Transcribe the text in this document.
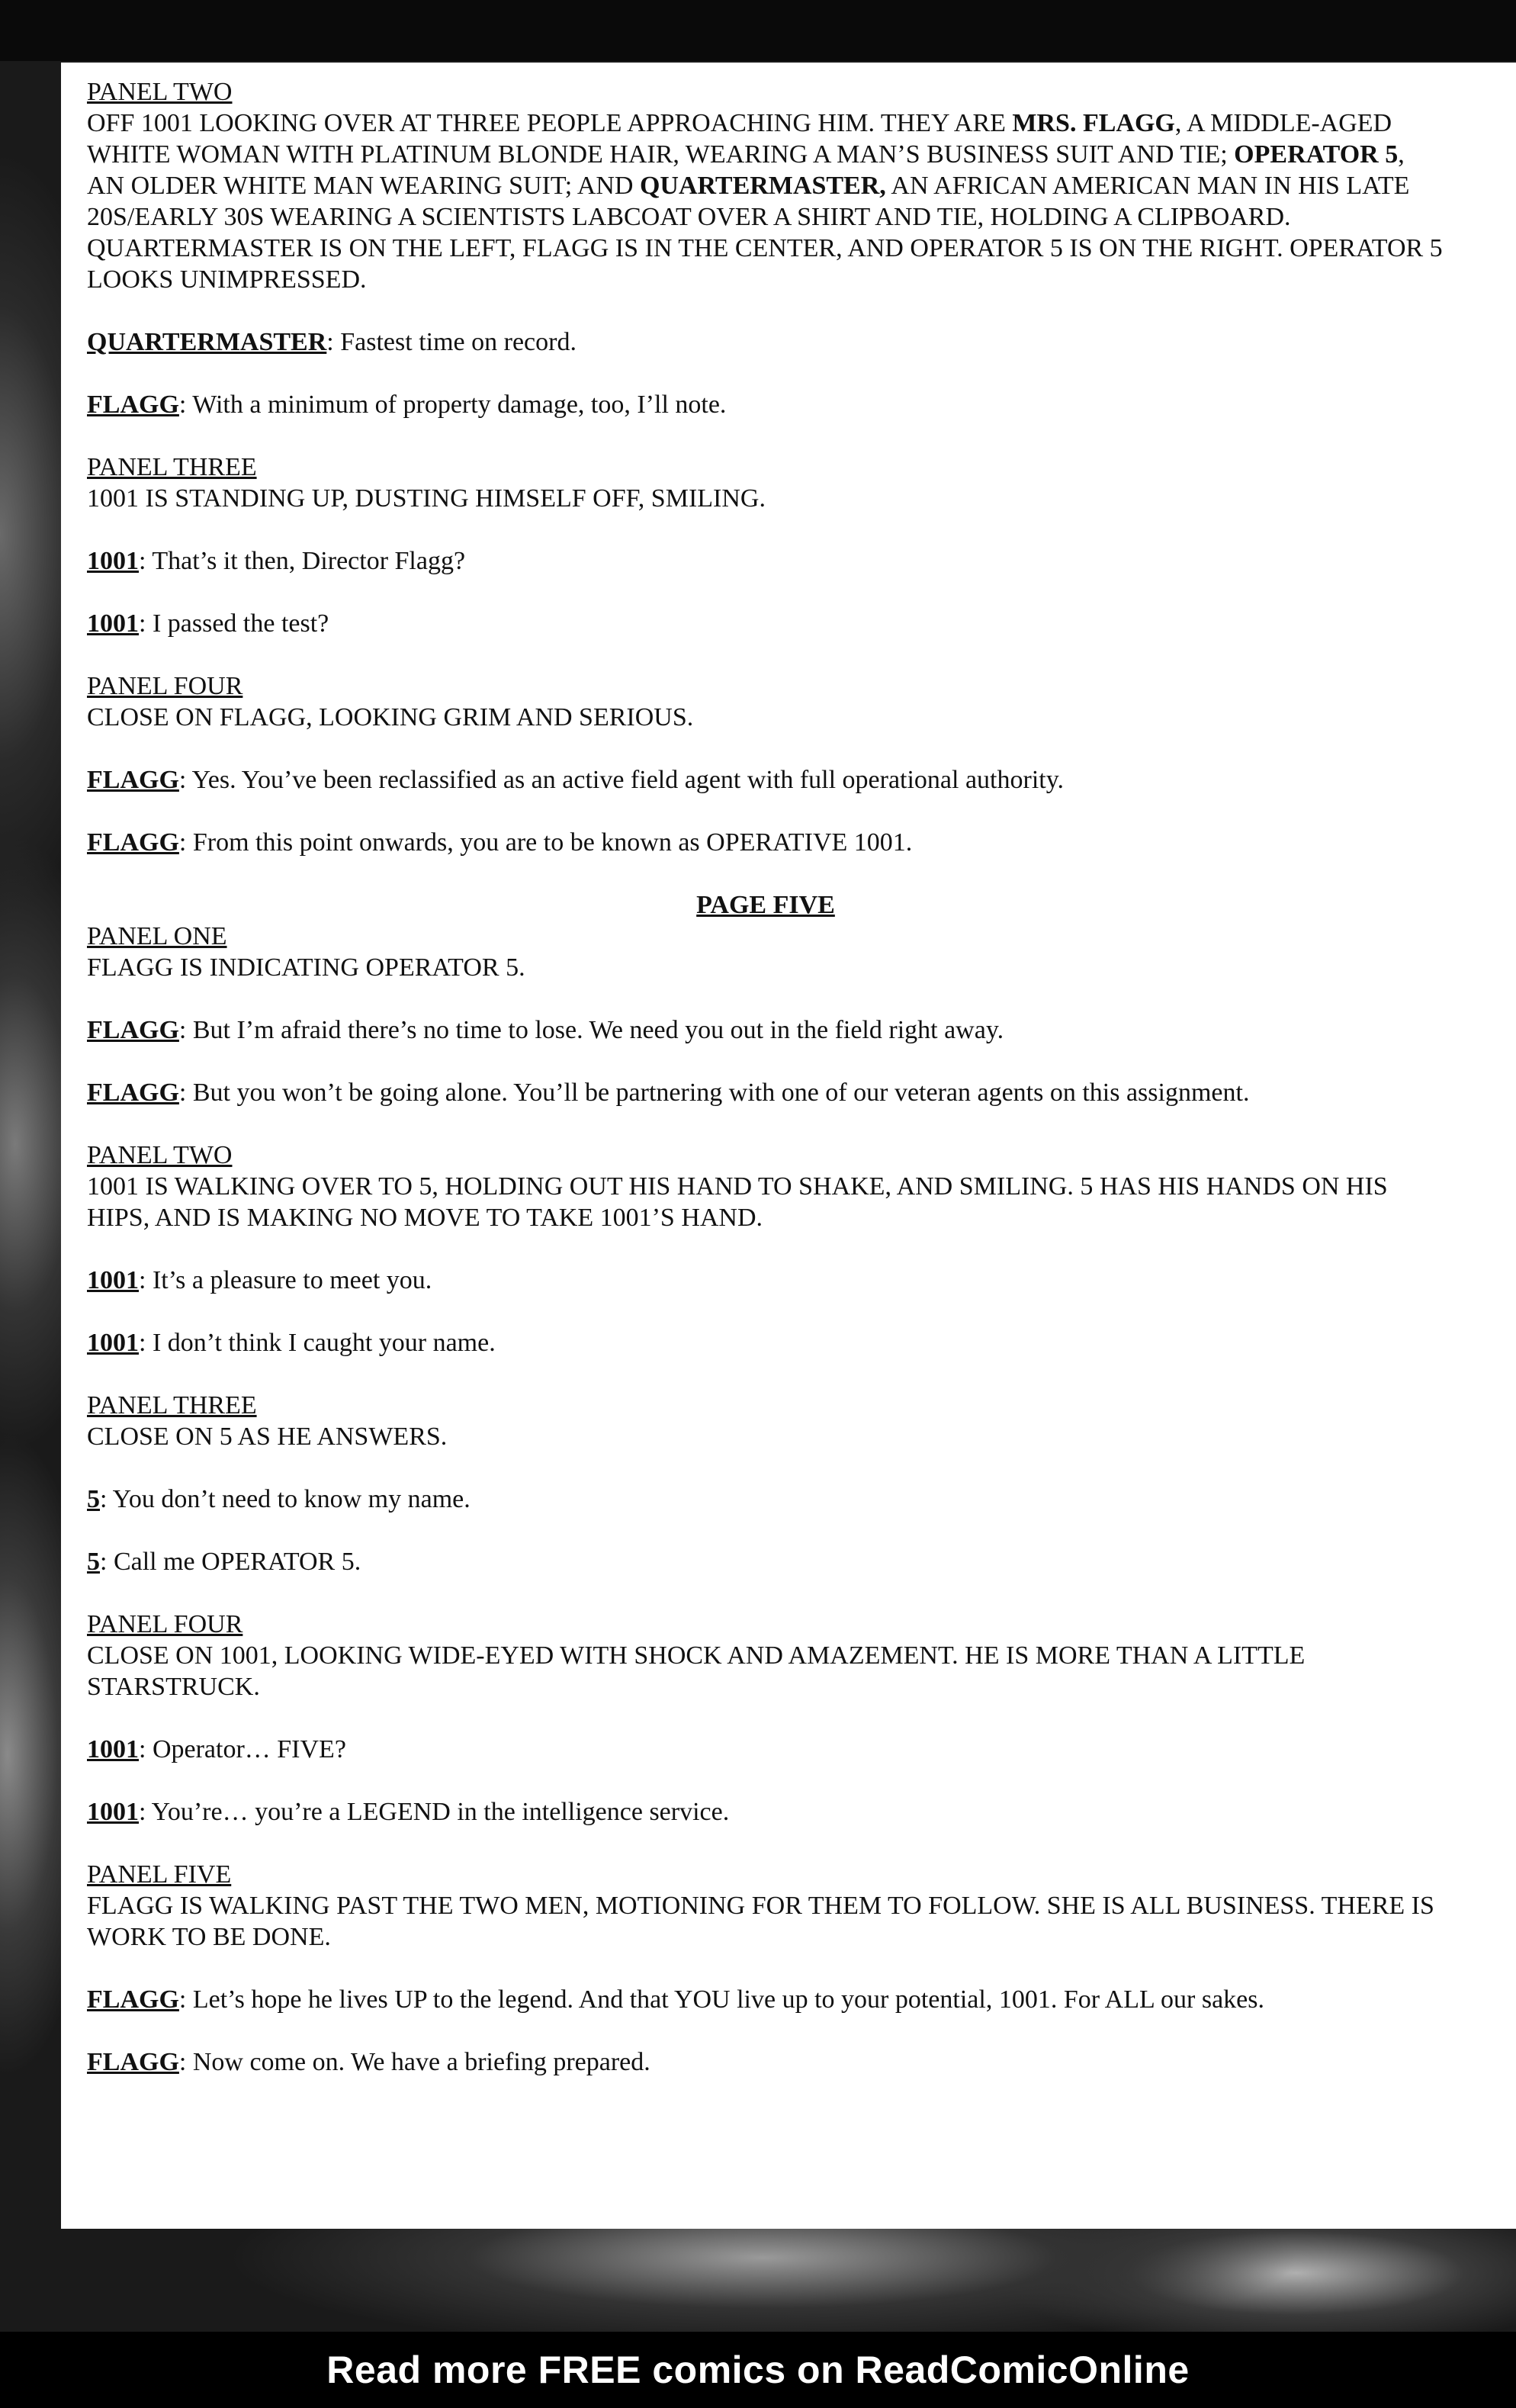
PANEL TWO

OFF 1001 LOOKING OVER AT THREE PEOPLE APPROACHING HIM. THEY ARE MRS. FLAGG, A MIDDLE-AGED WHITE WOMAN WITH PLATINUM BLONDE HAIR, WEARING A MAN’S BUSINESS SUIT AND TIE; OPERATOR 5, AN OLDER WHITE MAN WEARING SUIT; AND QUARTERMASTER, AN AFRICAN AMERICAN MAN IN HIS LATE 20S/EARLY 30S WEARING A SCIENTISTS LABCOAT OVER A SHIRT AND TIE, HOLDING A CLIPBOARD. QUARTERMASTER IS ON THE LEFT, FLAGG IS IN THE CENTER, AND OPERATOR 5 IS ON THE RIGHT. OPERATOR 5 LOOKS UNIMPRESSED.

QUARTERMASTER: Fastest time on record.

FLAGG: With a minimum of property damage, too, I’ll note.

PANEL THREE

1001 IS STANDING UP, DUSTING HIMSELF OFF, SMILING.

1001: That’s it then, Director Flagg?

1001: I passed the test?

PANEL FOUR

CLOSE ON FLAGG, LOOKING GRIM AND SERIOUS.

FLAGG: Yes. You’ve been reclassified as an active field agent with full operational authority.

FLAGG: From this point onwards, you are to be known as OPERATIVE 1001.

PAGE FIVE

PANEL ONE

FLAGG IS INDICATING OPERATOR 5.

FLAGG: But I’m afraid there’s no time to lose. We need you out in the field right away.

FLAGG: But you won’t be going alone. You’ll be partnering with one of our veteran agents on this assignment.

PANEL TWO

1001 IS WALKING OVER TO 5, HOLDING OUT HIS HAND TO SHAKE, AND SMILING. 5 HAS HIS HANDS ON HIS HIPS, AND IS MAKING NO MOVE TO TAKE 1001’S HAND.

1001: It’s a pleasure to meet you.

1001: I don’t think I caught your name.

PANEL THREE

CLOSE ON 5 AS HE ANSWERS.

5: You don’t need to know my name.

5: Call me OPERATOR 5.

PANEL FOUR

CLOSE ON 1001, LOOKING WIDE-EYED WITH SHOCK AND AMAZEMENT. HE IS MORE THAN A LITTLE STARSTRUCK.

1001: Operator… FIVE?

1001: You’re… you’re a LEGEND in the intelligence service.

PANEL FIVE

FLAGG IS WALKING PAST THE TWO MEN, MOTIONING FOR THEM TO FOLLOW. SHE IS ALL BUSINESS. THERE IS WORK TO BE DONE.

FLAGG: Let’s hope he lives UP to the legend. And that YOU live up to your potential, 1001. For ALL our sakes.

FLAGG: Now come on. We have a briefing prepared.

Read more FREE comics on ReadComicOnline
